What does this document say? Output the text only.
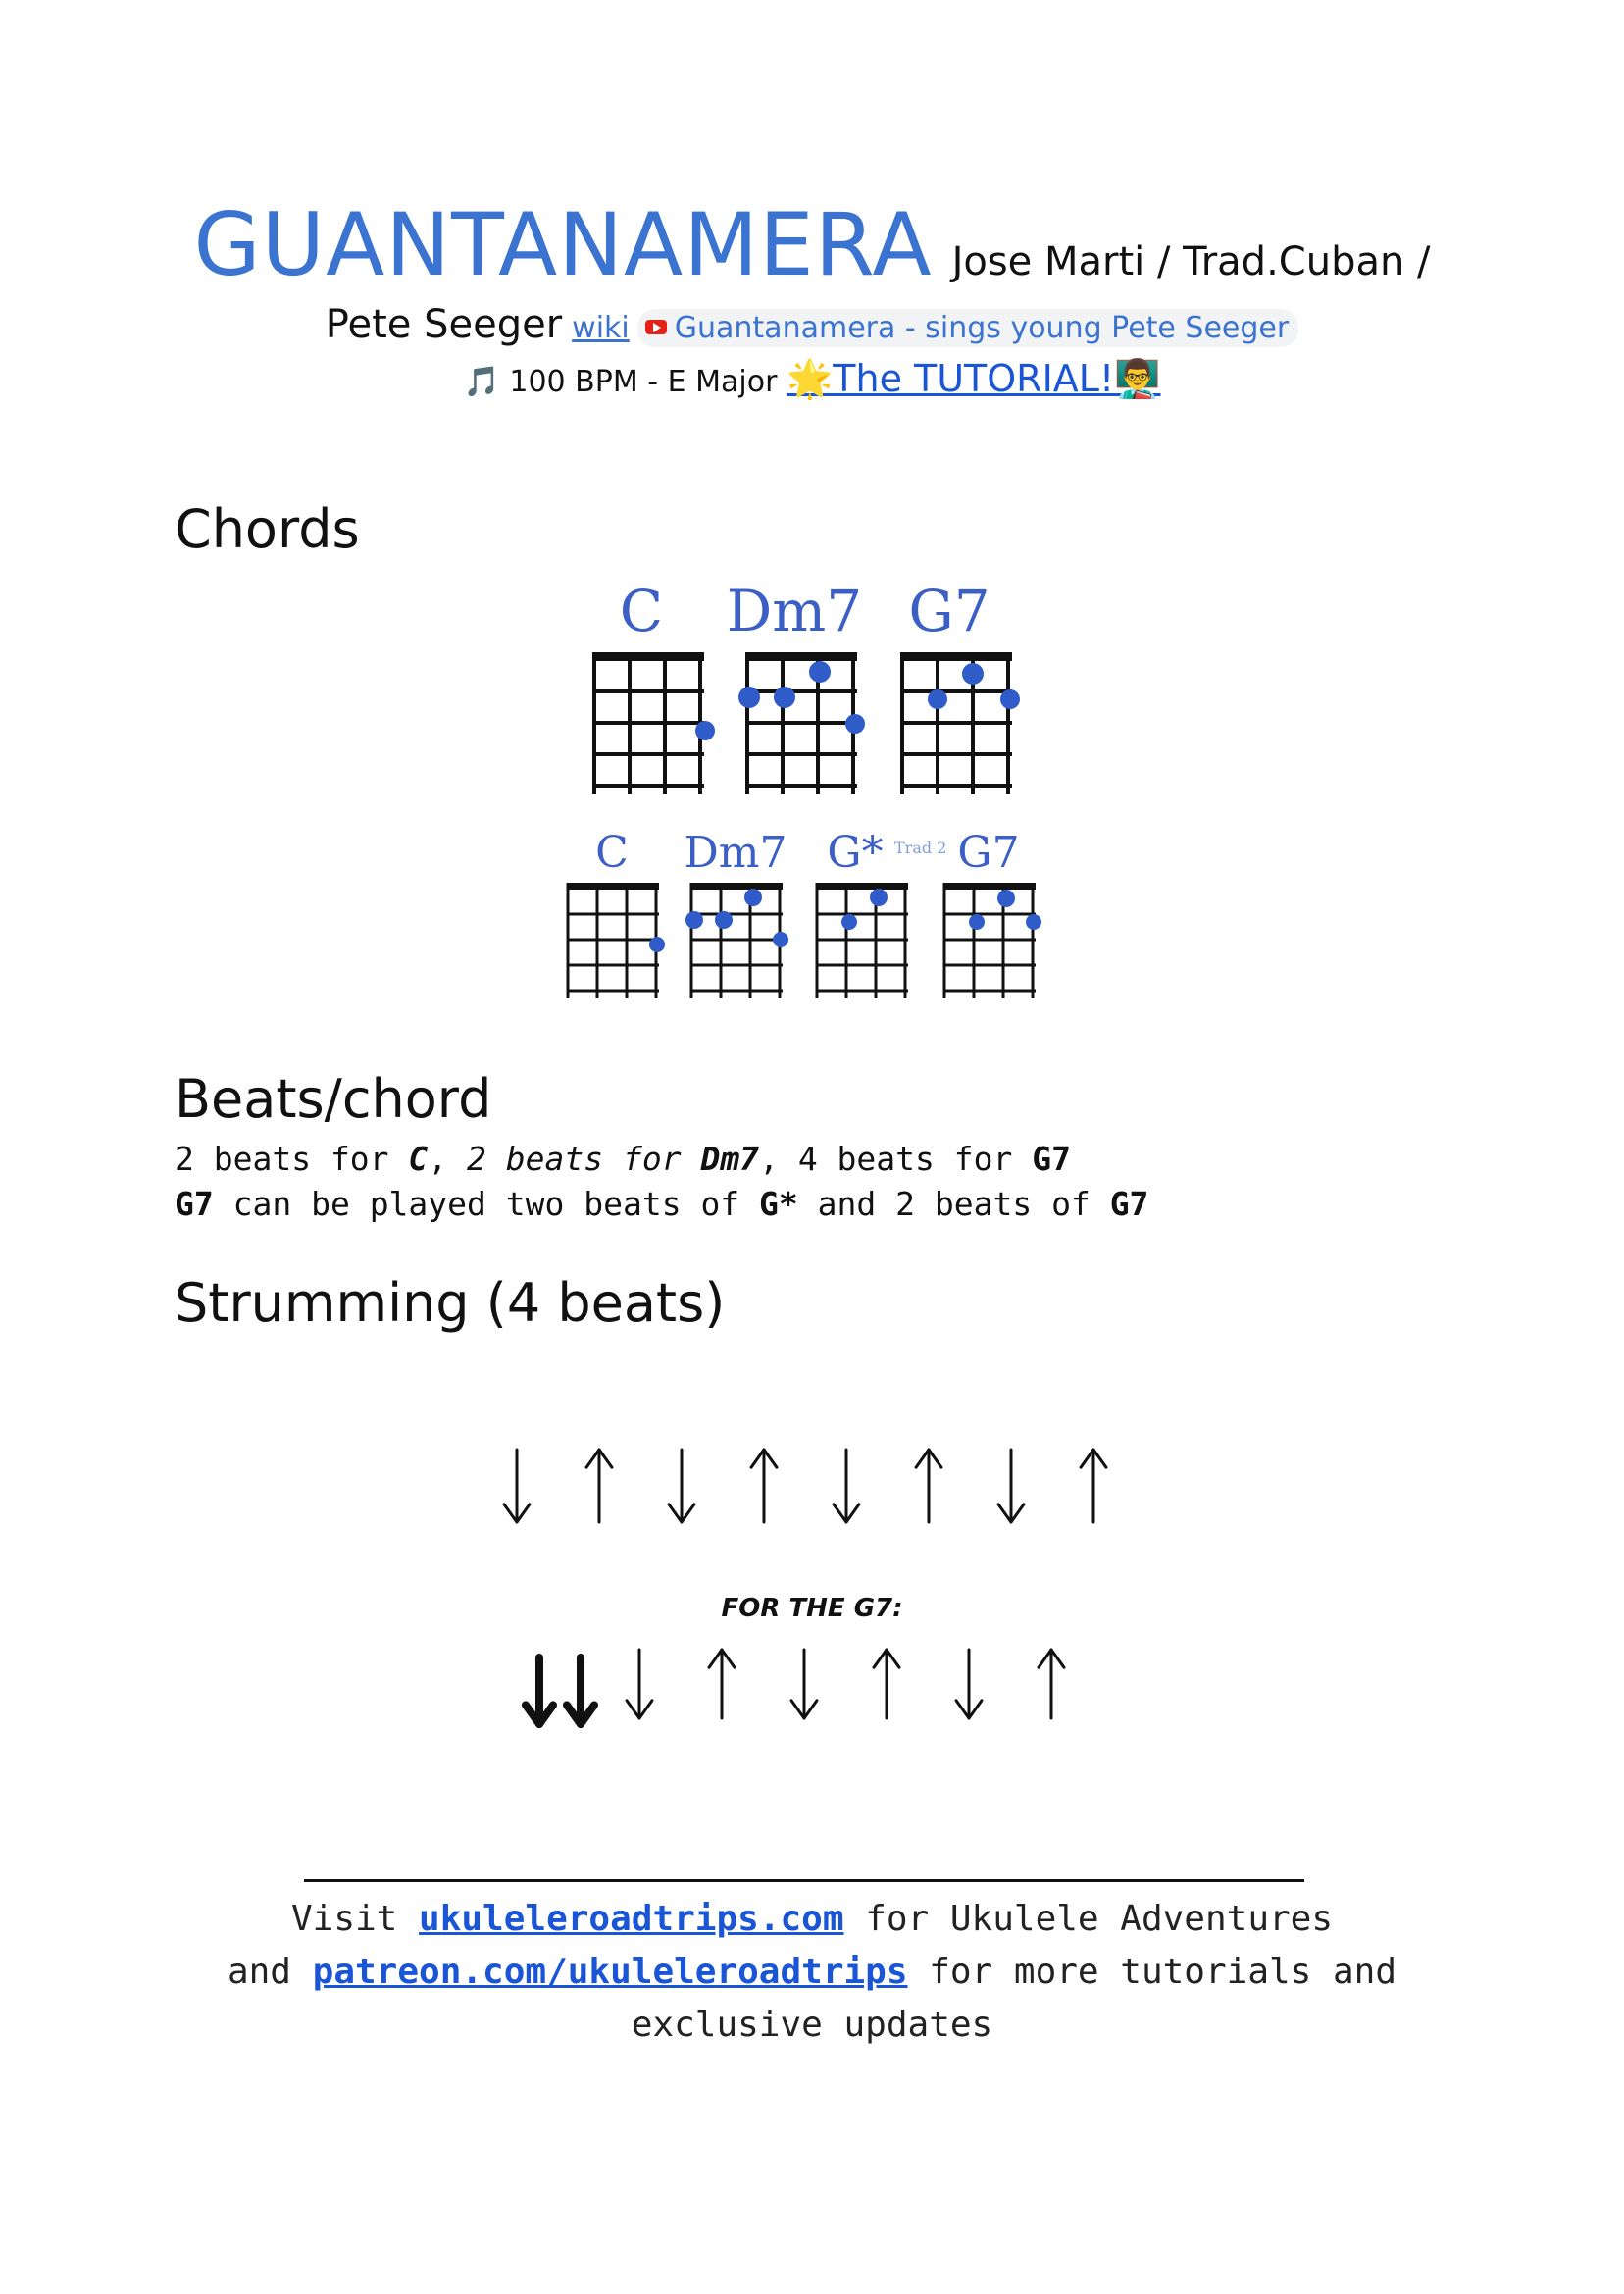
GUANTANAMERA Jose Marti / Trad.Cuban /
Pete Seeger wiki Guantanamera - sings young Pete Seeger
🎵 100 BPM - E Major 🌟The TUTORIAL!👨‍🏫
Chords
C Dm7 G7
C Dm7 G* Trad 2 G7
Beats/chord
2 beats for C, 2 beats for Dm7, 4 beats for G7
G7 can be played two beats of G* and 2 beats of G7
Strumming (4 beats)
FOR THE G7:
Visit ukuleleroadtrips.com for Ukulele Adventures
and patreon.com/ukuleleroadtrips for more tutorials and
exclusive updates
